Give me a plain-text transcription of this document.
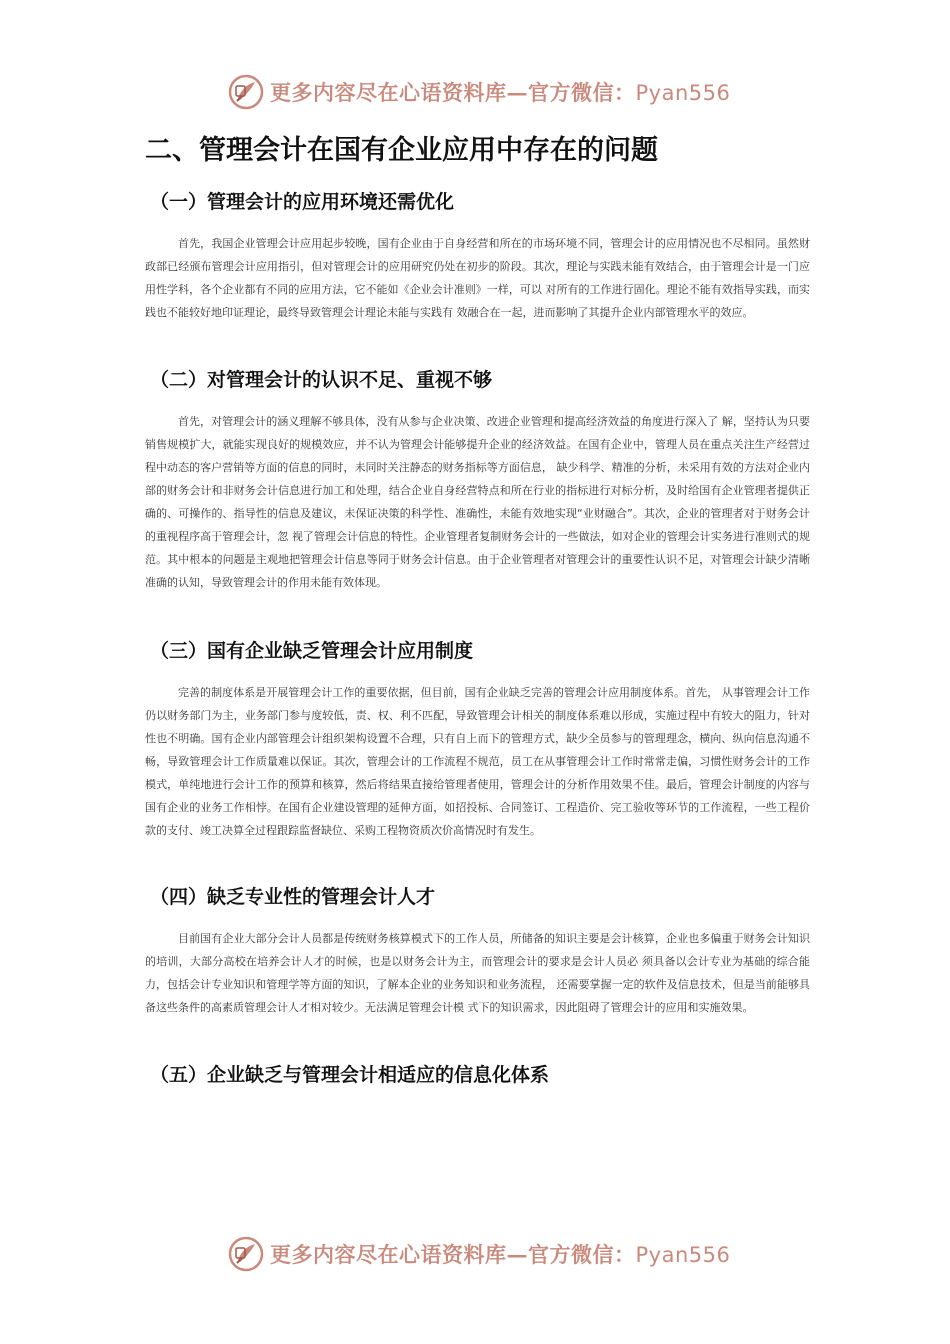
更多内容尽在心语资料库—官方微信：Pyan556
二、管理会计在国有企业应用中存在的问题
（一）管理会计的应用环境还需优化

首先，我国企业管理会计应用起步较晚，国有企业由于自身经营和所在的市场环境不同，管理会计的应用情况也不尽相同。虽然财政部已经颁布管理会计应用指引，但对管理会计的应用研究仍处在初步的阶段。其次，理论与实践未能有效结合，由于管理会计是一门应用性学科，各个企业都有不同的应用方法，它不能如《企业会计准则》一样，可以 对所有的工作进行固化。理论不能有效指导实践，而实践也不能较好地印证理论，最终导致管理会计理论未能与实践有 效融合在一起，进而影响了其提升企业内部管理水平的效应。

（二）对管理会计的认识不足、重视不够

首先，对管理会计的涵义理解不够具体，没有从参与企业决策、改进企业管理和提高经济效益的角度进行深入了 解，坚持认为只要销售规模扩大，就能实现良好的规模效应，并不认为管理会计能够提升企业的经济效益。在国有企业中，管理人员在重点关注生产经营过程中动态的客户营销等方面的信息的同时，未同时关注静态的财务指标等方面信息， 缺少科学、精准的分析，未采用有效的方法对企业内部的财务会计和非财务会计信息进行加工和处理，结合企业自身经营特点和所在行业的指标进行对标分析，及时给国有企业管理者提供正确的、可操作的、指导性的信息及建议，未保证决策的科学性、准确性，未能有效地实现“业财融合”。其次，企业的管理者对于财务会计的重视程序高于管理会计，忽 视了管理会计信息的特性。企业管理者复制财务会计的一些做法，如对企业的管理会计实务进行准则式的规范。其中根本的问题是主观地把管理会计信息等同于财务会计信息。由于企业管理者对管理会计的重要性认识不足，对管理会计缺少清晰准确的认知，导致管理会计的作用未能有效体现。

（三）国有企业缺乏管理会计应用制度

完善的制度体系是开展管理会计工作的重要依据，但目前，国有企业缺乏完善的管理会计应用制度体系。首先， 从事管理会计工作仍以财务部门为主，业务部门参与度较低，责、权、利不匹配，导致管理会计相关的制度体系难以形成，实施过程中有较大的阻力，针对性也不明确。国有企业内部管理会计组织架构设置不合理，只有自上而下的管理方式，缺少全员参与的管理理念，横向、纵向信息沟通不畅，导致管理会计工作质量难以保证。其次，管理会计的工作流程不规范，员工在从事管理会计工作时常常走偏，习惯性财务会计的工作模式，单纯地进行会计工作的预算和核算，然后将结果直接给管理者使用，管理会计的分析作用效果不佳。最后，管理会计制度的内容与国有企业的业务工作相悖。在国有企业建设管理的延伸方面，如招投标、合同签订、工程造价、完工验收等环节的工作流程，一些工程价款的支付、竣工决算全过程跟踪监督缺位、采购工程物资质次价高情况时有发生。

（四）缺乏专业性的管理会计人才

目前国有企业大部分会计人员都是传统财务核算模式下的工作人员，所储备的知识主要是会计核算，企业也多偏重于财务会计知识的培训，大部分高校在培养会计人才的时候，也是以财务会计为主，而管理会计的要求是会计人员必 须具备以会计专业为基础的综合能力，包括会计专业知识和管理学等方面的知识，了解本企业的业务知识和业务流程， 还需要掌握一定的软件及信息技术，但是当前能够具备这些条件的高素质管理会计人才相对较少。无法满足管理会计模 式下的知识需求，因此阻碍了管理会计的应用和实施效果。

（五）企业缺乏与管理会计相适应的信息化体系
更多内容尽在心语资料库—官方微信：Pyan556
